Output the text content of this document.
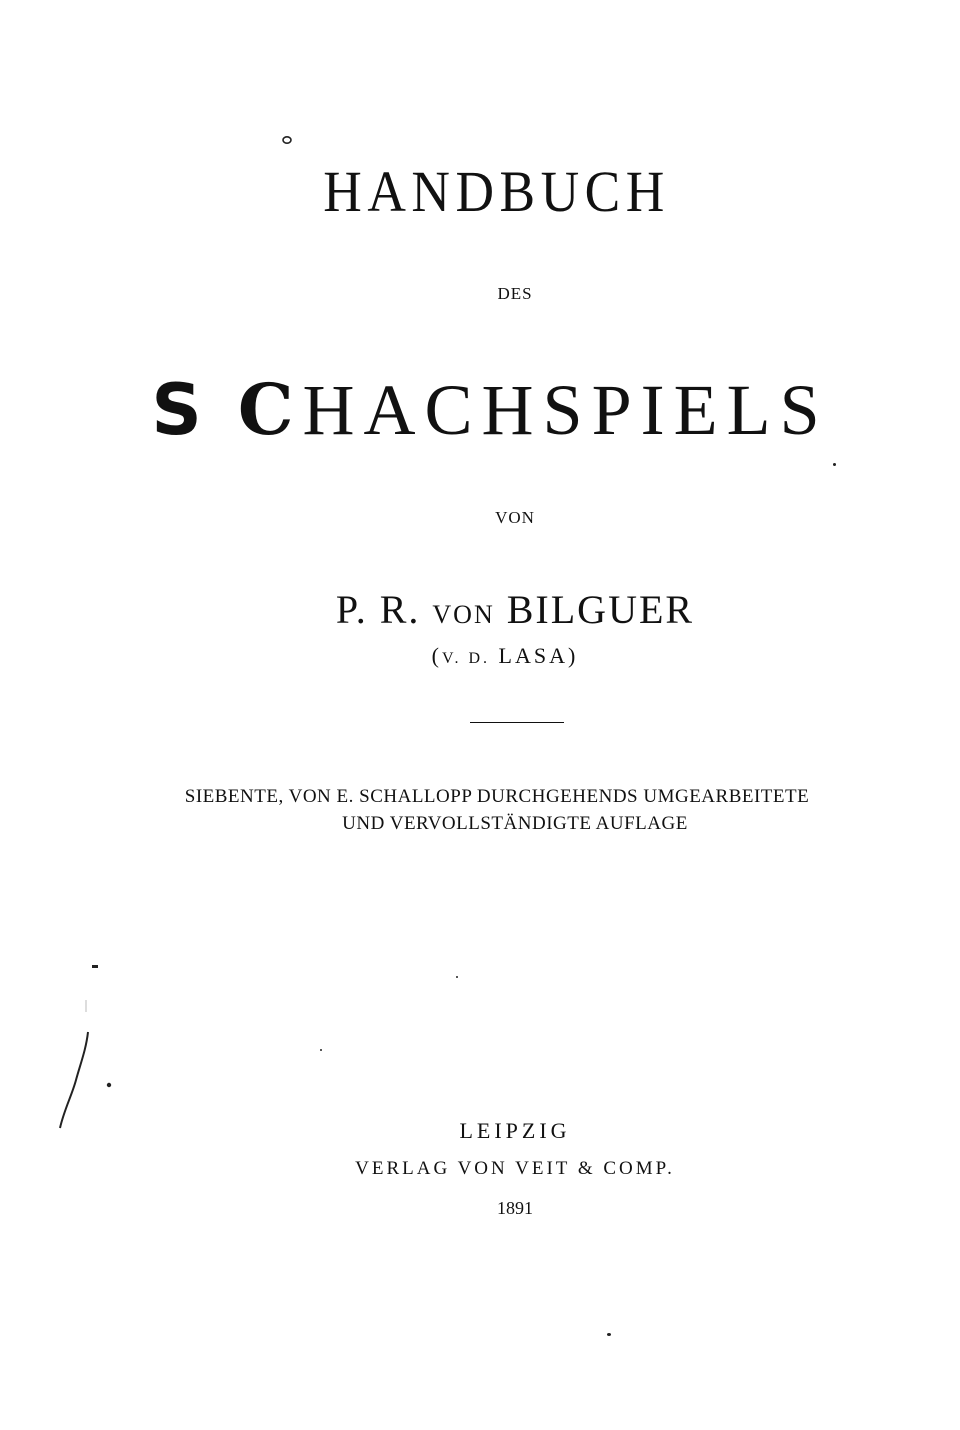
HANDBUCH
DES
S CHACHSPIELS
VON
P. R. VON BILGUER
(V. D. LASA)
SIEBENTE, VON E. SCHALLOPP DURCHGEHENDS UMGEARBEITETE
UND VERVOLLSTÄNDIGTE AUFLAGE
LEIPZIG
VERLAG VON VEIT & COMP.
1891
